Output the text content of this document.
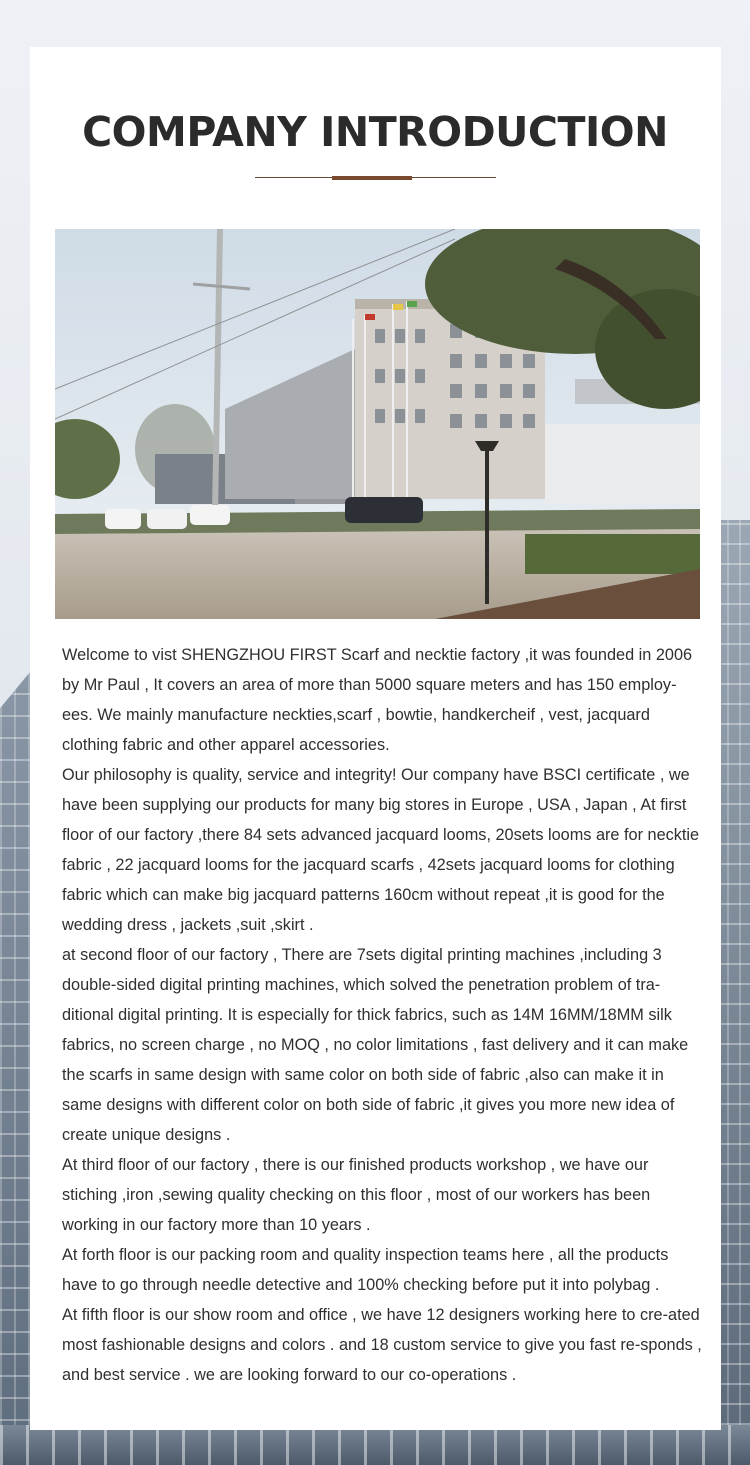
COMPANY INTRODUCTION

Welcome to vist SHENGZHOU FIRST Scarf and necktie factory ,it was founded in 2006 by Mr Paul , It covers an area of more than 5000 square meters and has 150 employ-ees. We mainly manufacture neckties,scarf , bowtie, handkercheif , vest, jacquard clothing fabric and other apparel accessories.

Our philosophy is quality, service and integrity! Our company have BSCI certificate , we have been supplying our products for many big stores in Europe , USA , Japan , At first floor of our factory ,there 84 sets advanced jacquard looms, 20sets looms are for necktie fabric , 22 jacquard looms for the jacquard scarfs , 42sets jacquard looms for clothing fabric which can make big jacquard patterns 160cm without repeat ,it is good for the wedding dress , jackets ,suit ,skirt .

at second floor of our factory , There are 7sets digital printing machines ,including 3 double-sided digital printing machines, which solved the penetration problem of tra-ditional digital printing. It is especially for thick fabrics, such as 14M 16MM/18MM silk fabrics, no screen charge , no MOQ , no color limitations , fast delivery and it can make the scarfs in same design with same color on both side of fabric ,also can make it in same designs with different color on both side of fabric ,it gives you more new idea of create unique designs .

At third floor of our factory , there is our finished products workshop , we have our stiching ,iron ,sewing quality checking on this floor , most of our workers has been working in our factory more than 10 years .

At forth floor is our packing room and quality inspection teams here , all the products have to go through needle detective and 100% checking before put it into polybag .

At fifth floor is our show room and office , we have 12 designers working here to cre-ated most fashionable designs and colors . and 18 custom service to give you fast re-sponds , and best service . we are looking forward to our co-operations .
